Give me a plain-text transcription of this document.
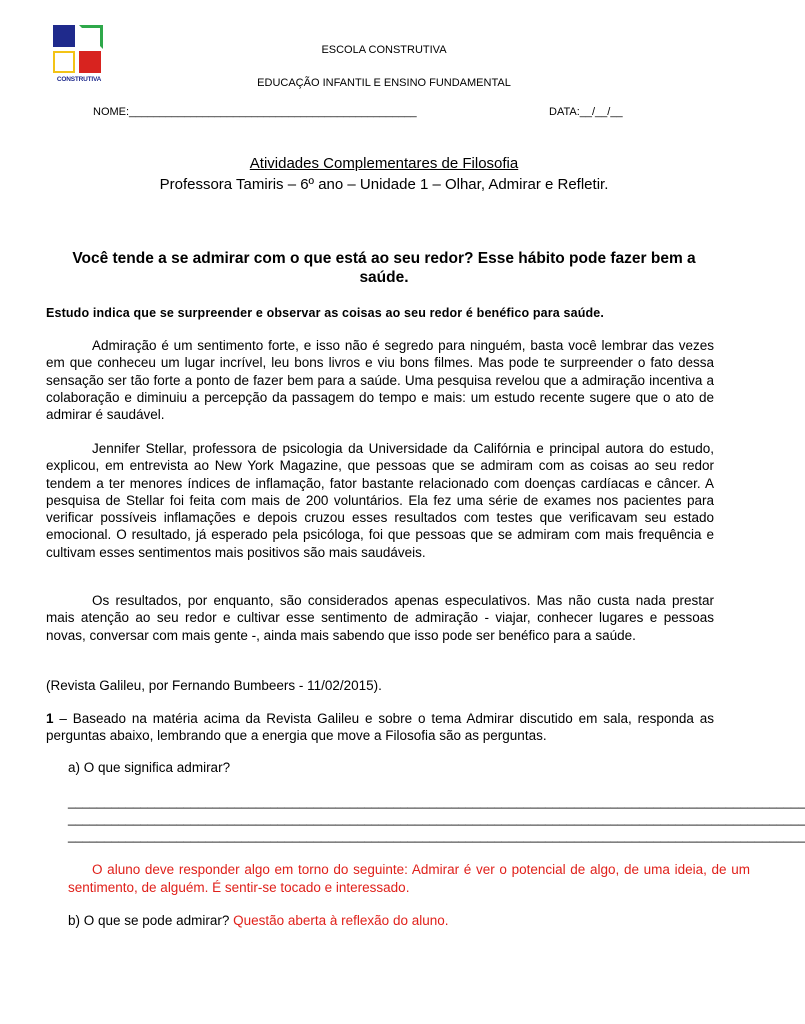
CONSTRUTIVA
ESCOLA CONSTRUTIVA
EDUCAÇÃO INFANTIL E ENSINO FUNDAMENTAL
NOME:_______________________________________________	DATA:__/__/__
Atividades Complementares de Filosofia
Professora Tamiris – 6º ano – Unidade 1 – Olhar, Admirar e Refletir.
Você tende a se admirar com o que está ao seu redor? Esse hábito pode fazer bem a saúde.
Estudo indica que se surpreender e observar as coisas ao seu redor é benéfico para saúde.
Admiração é um sentimento forte, e isso não é segredo para ninguém, basta você lembrar das vezes em que conheceu um lugar incrível, leu bons livros e viu bons filmes. Mas pode te surpreender o fato dessa sensação ser tão forte a ponto de fazer bem para a saúde. Uma pesquisa revelou que a admiração incentiva a colaboração e diminuiu a percepção da passagem do tempo e mais: um estudo recente sugere que o ato de admirar é saudável.
Jennifer Stellar, professora de psicologia da Universidade da Califórnia e principal autora do estudo, explicou, em entrevista ao New York Magazine, que pessoas que se admiram com as coisas ao seu redor tendem a ter menores índices de inflamação, fator bastante relacionado com doenças cardíacas e câncer. A pesquisa de Stellar foi feita com mais de 200 voluntários. Ela fez uma série de exames nos pacientes para verificar possíveis inflamações e depois cruzou esses resultados com testes que verificavam seu estado emocional. O resultado, já esperado pela psicóloga, foi que pessoas que se admiram com mais frequência e cultivam esses sentimentos mais positivos são mais saudáveis.
Os resultados, por enquanto, são considerados apenas especulativos. Mas não custa nada prestar mais atenção ao seu redor e cultivar esse sentimento de admiração - viajar, conhecer lugares e pessoas novas, conversar com mais gente -, ainda mais sabendo que isso pode ser benéfico para a saúde.
(Revista Galileu, por Fernando Bumbeers - 11/02/2015).
1 – Baseado na matéria acima da Revista Galileu e sobre o tema Admirar discutido em sala, responda as perguntas abaixo, lembrando que a energia que move a Filosofia são as perguntas.
a) O que significa admirar?
______________________________________________________________________________________________________
______________________________________________________________________________________________________
______________________________________________________________________________________________________
O aluno deve responder algo em torno do seguinte: Admirar é ver o potencial de algo, de uma ideia, de um sentimento, de alguém. É sentir-se tocado e interessado.
b) O que se pode admirar? Questão aberta à reflexão do aluno.
